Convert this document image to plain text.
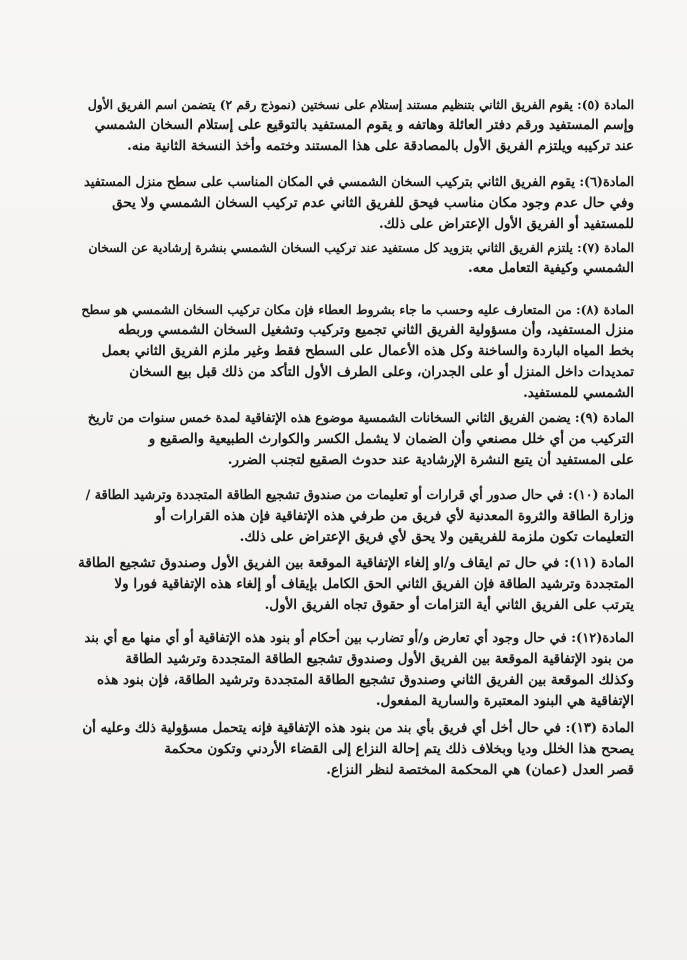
المادة (٥): يقوم الفريق الثاني بتنظيم مستند إستلام على نسختين (نموذج رقم ٢) يتضمن اسم الفريق الأول
وإسم المستفيد ورقم دفتر العائلة وهاتفه و يقوم المستفيد بالتوقيع على إستلام السخان الشمسي
عند تركيبه ويلتزم الفريق الأول بالمصادقة على هذا المستند وختمه وأخذ النسخة الثانية منه.
المادة(٦): يقوم الفريق الثاني بتركيب السخان الشمسي في المكان المناسب على سطح منزل المستفيد
وفي حال عدم وجود مكان مناسب فيحق للفريق الثاني عدم تركيب السخان الشمسي ولا يحق
للمستفيد أو الفريق الأول الإعتراض على ذلك.
المادة (٧): يلتزم الفريق الثاني بتزويد كل مستفيد عند تركيب السخان الشمسي بنشرة إرشادية عن السخان
الشمسي وكيفية التعامل معه.
المادة (٨): من المتعارف عليه وحسب ما جاء بشروط العطاء فإن مكان تركيب السخان الشمسي هو سطح
منزل المستفيد، وأن مسؤولية الفريق الثاني تجميع وتركيب وتشغيل السخان الشمسي وربطه
بخط المياه الباردة والساخنة وكل هذه الأعمال على السطح فقط وغير ملزم الفريق الثاني بعمل
تمديدات داخل المنزل أو على الجدران، وعلى الطرف الأول التأكد من ذلك قبل بيع السخان
الشمسي للمستفيد.
المادة (٩): يضمن الفريق الثاني السخانات الشمسية موضوع هذه الإتفاقية لمدة خمس سنوات من تاريخ
التركيب من أي خلل مصنعي وأن الضمان لا يشمل الكسر والكوارث الطبيعية والصقيع و
على المستفيد أن يتبع النشرة الإرشادية عند حدوث الصقيع لتجنب الضرر.
المادة (١٠): في حال صدور أي قرارات أو تعليمات من صندوق تشجيع الطاقة المتجددة وترشيد الطاقة /
وزارة الطاقة والثروة المعدنية لأي فريق من طرفي هذه الإتفاقية فإن هذه القرارات أو
التعليمات تكون ملزمة للفريقين ولا يحق لأي فريق الإعتراض على ذلك.
المادة (١١): في حال تم ايقاف و/او إلغاء الإتفاقية الموقعة بين الفريق الأول وصندوق تشجيع الطاقة
المتجددة وترشيد الطاقة فإن الفريق الثاني الحق الكامل بإيقاف أو إلغاء هذه الإتفاقية فورا ولا
يترتب على الفريق الثاني أية التزامات أو حقوق تجاه الفريق الأول.
المادة(١٢): في حال وجود أي تعارض و/أو تضارب بين أحكام أو بنود هذه الإتفاقية أو أي منها مع أي بند
من بنود الإتفاقية الموقعة بين الفريق الأول وصندوق تشجيع الطاقة المتجددة وترشيد الطاقة
وكذلك الموقعة بين الفريق الثاني وصندوق تشجيع الطاقة المتجددة وترشيد الطاقة، فإن بنود هذه
الإتفاقية هي البنود المعتبرة والسارية المفعول.
المادة (١٣): في حال أخل أي فريق بأي بند من بنود هذه الإتفاقية فإنه يتحمل مسؤولية ذلك وعليه أن
يصحح هذا الخلل وديا وبخلاف ذلك يتم إحالة النزاع إلى القضاء الأردني وتكون محكمة
قصر العدل (عمان) هي المحكمة المختصة لنظر النزاع.
